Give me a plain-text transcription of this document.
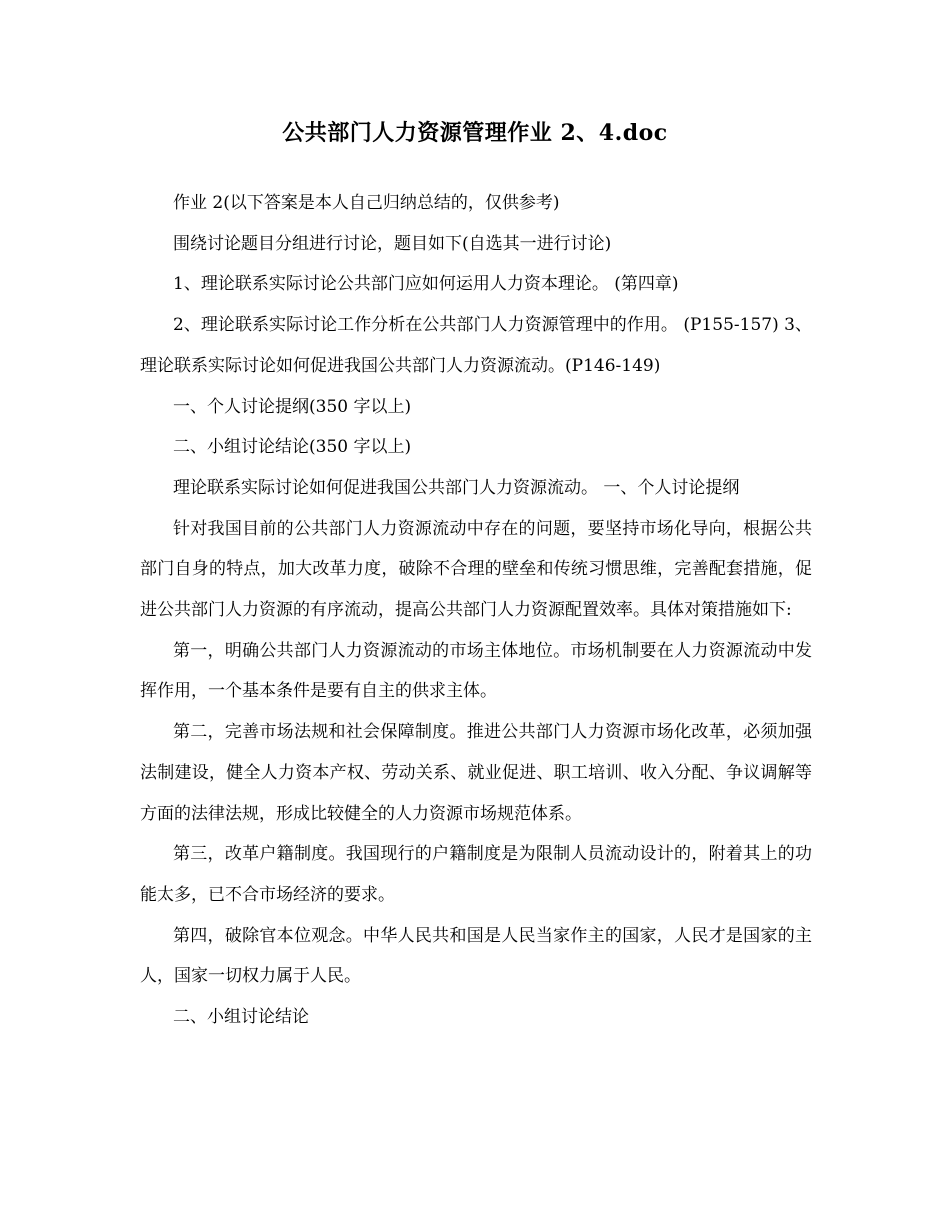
公共部门人力资源管理作业 2、4.doc

作业 2(以下答案是本人自己归纳总结的，仅供参考)

围绕讨论题目分组进行讨论，题目如下(自选其一进行讨论)

1、理论联系实际讨论公共部门应如何运用人力资本理论。 (第四章)

2、理论联系实际讨论工作分析在公共部门人力资源管理中的作用。 (P155-157) 3、理论联系实际讨论如何促进我国公共部门人力资源流动。(P146-149)

一、个人讨论提纲(350 字以上)

二、小组讨论结论(350 字以上)

理论联系实际讨论如何促进我国公共部门人力资源流动。 一、个人讨论提纲

针对我国目前的公共部门人力资源流动中存在的问题，要坚持市场化导向，根据公共部门自身的特点，加大改革力度，破除不合理的壁垒和传统习惯思维，完善配套措施，促进公共部门人力资源的有序流动，提高公共部门人力资源配置效率。具体对策措施如下:

第一，明确公共部门人力资源流动的市场主体地位。市场机制要在人力资源流动中发挥作用，一个基本条件是要有自主的供求主体。

第二，完善市场法规和社会保障制度。推进公共部门人力资源市场化改革，必须加强法制建设，健全人力资本产权、劳动关系、就业促进、职工培训、收入分配、争议调解等方面的法律法规，形成比较健全的人力资源市场规范体系。

第三，改革户籍制度。我国现行的户籍制度是为限制人员流动设计的，附着其上的功能太多，已不合市场经济的要求。

第四，破除官本位观念。中华人民共和国是人民当家作主的国家，人民才是国家的主人，国家一切权力属于人民。

二、小组讨论结论
